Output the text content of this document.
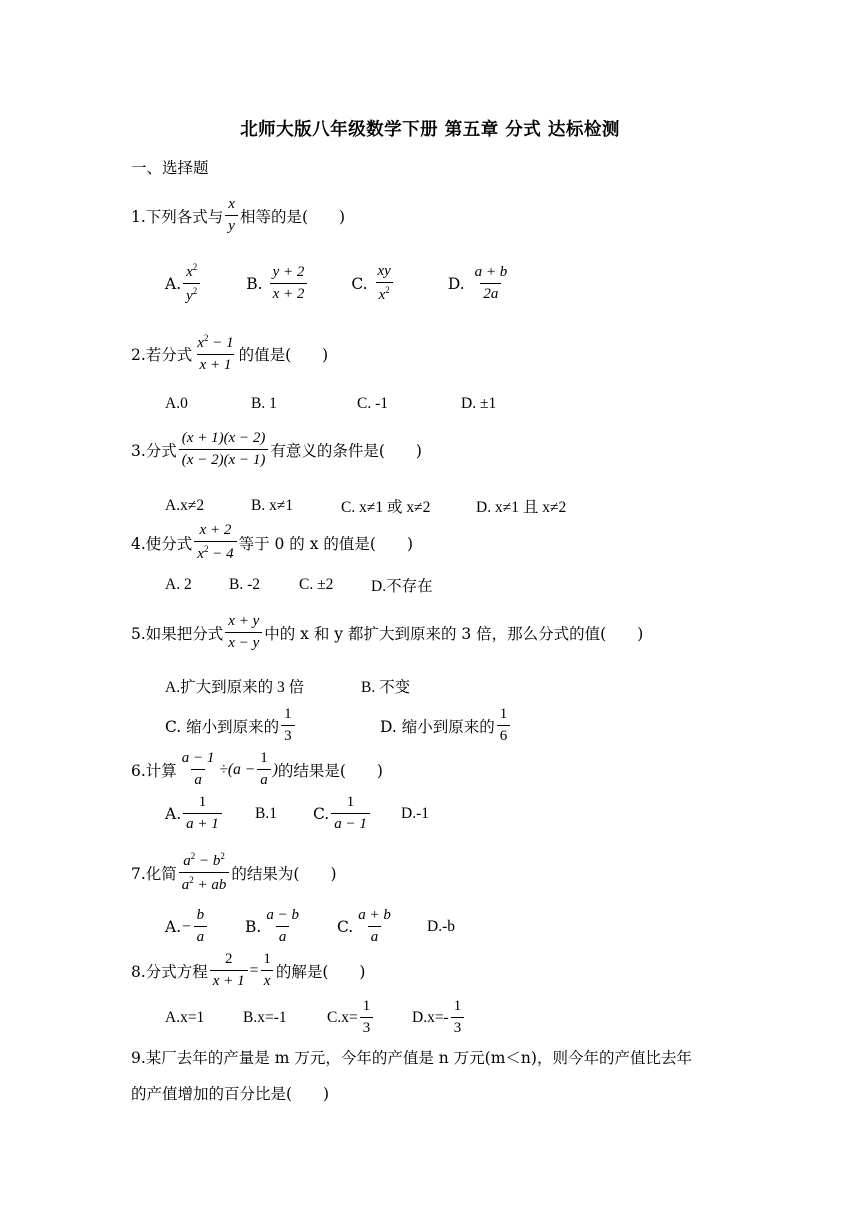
北师大版八年级数学下册 第五章 分式 达标检测
一、选择题
1.下列各式与 $\frac{x}{y}$ 相等的是(　　)
A. $\frac{x^2}{y^2}$	B.
$\frac{y + 2}{x + 2}$	C.
$\frac{xy}{x^2}$	D.
$\frac{a + b}{2a}$
2.若分式 $\frac{x^2 - 1}{x + 1}$ 的值是(　　)
A.0	B. 1	C. -1	D. ±1
3.分式 $\frac{(x + 1)(x - 2)}{(x - 2)(x - 1)}$ 有意义的条件是(　　)
A.x≠2	B. x≠1	C. x≠1 或 x≠2	D. x≠1 且 x≠2
4.使分式 $\frac{x + 2}{x^2 - 4}$ 等于 0 的 x 的值是(　　)
A. 2	B. -2	C. ±2	D.不存在
5.如果把分式 $\frac{x + y}{x - y}$ 中的 x 和 y 都扩大到原来的 3 倍，那么分式的值(　　)
A.扩大到原来的 3 倍	B. 不变
C. 缩小到原来的 $\frac{1}{3}$	D. 缩小到原来的 $\frac{1}{6}$
6.计算 $\frac{a - 1}{a} \div(a - \frac{1}{a}$ ) 的结果是(　　)
A. $\frac{1}{a + 1} B.1$	C. $\frac{1}{a - 1} D.-1$
7.化简 $\frac{a^2 - b^2}{a^2 + ab}$ 的结果为(　　)
A. − $\frac{b}{a} B$. $\frac{a - b}{a} C$. $\frac{a + b}{a} D.-b$
8.分式方程 $\frac{2}{x + 1} = \frac{1}{x}$ 的解是(　　)
A.x=1	B.x=-1	$C.x= \frac{1}{3}$	$D.x=- \frac{1}{3}$
9.某厂去年的产量是 m 万元，今年的产值是 n 万元(m＜n)，则今年的产值比去年
的产值增加的百分比是(　　)
